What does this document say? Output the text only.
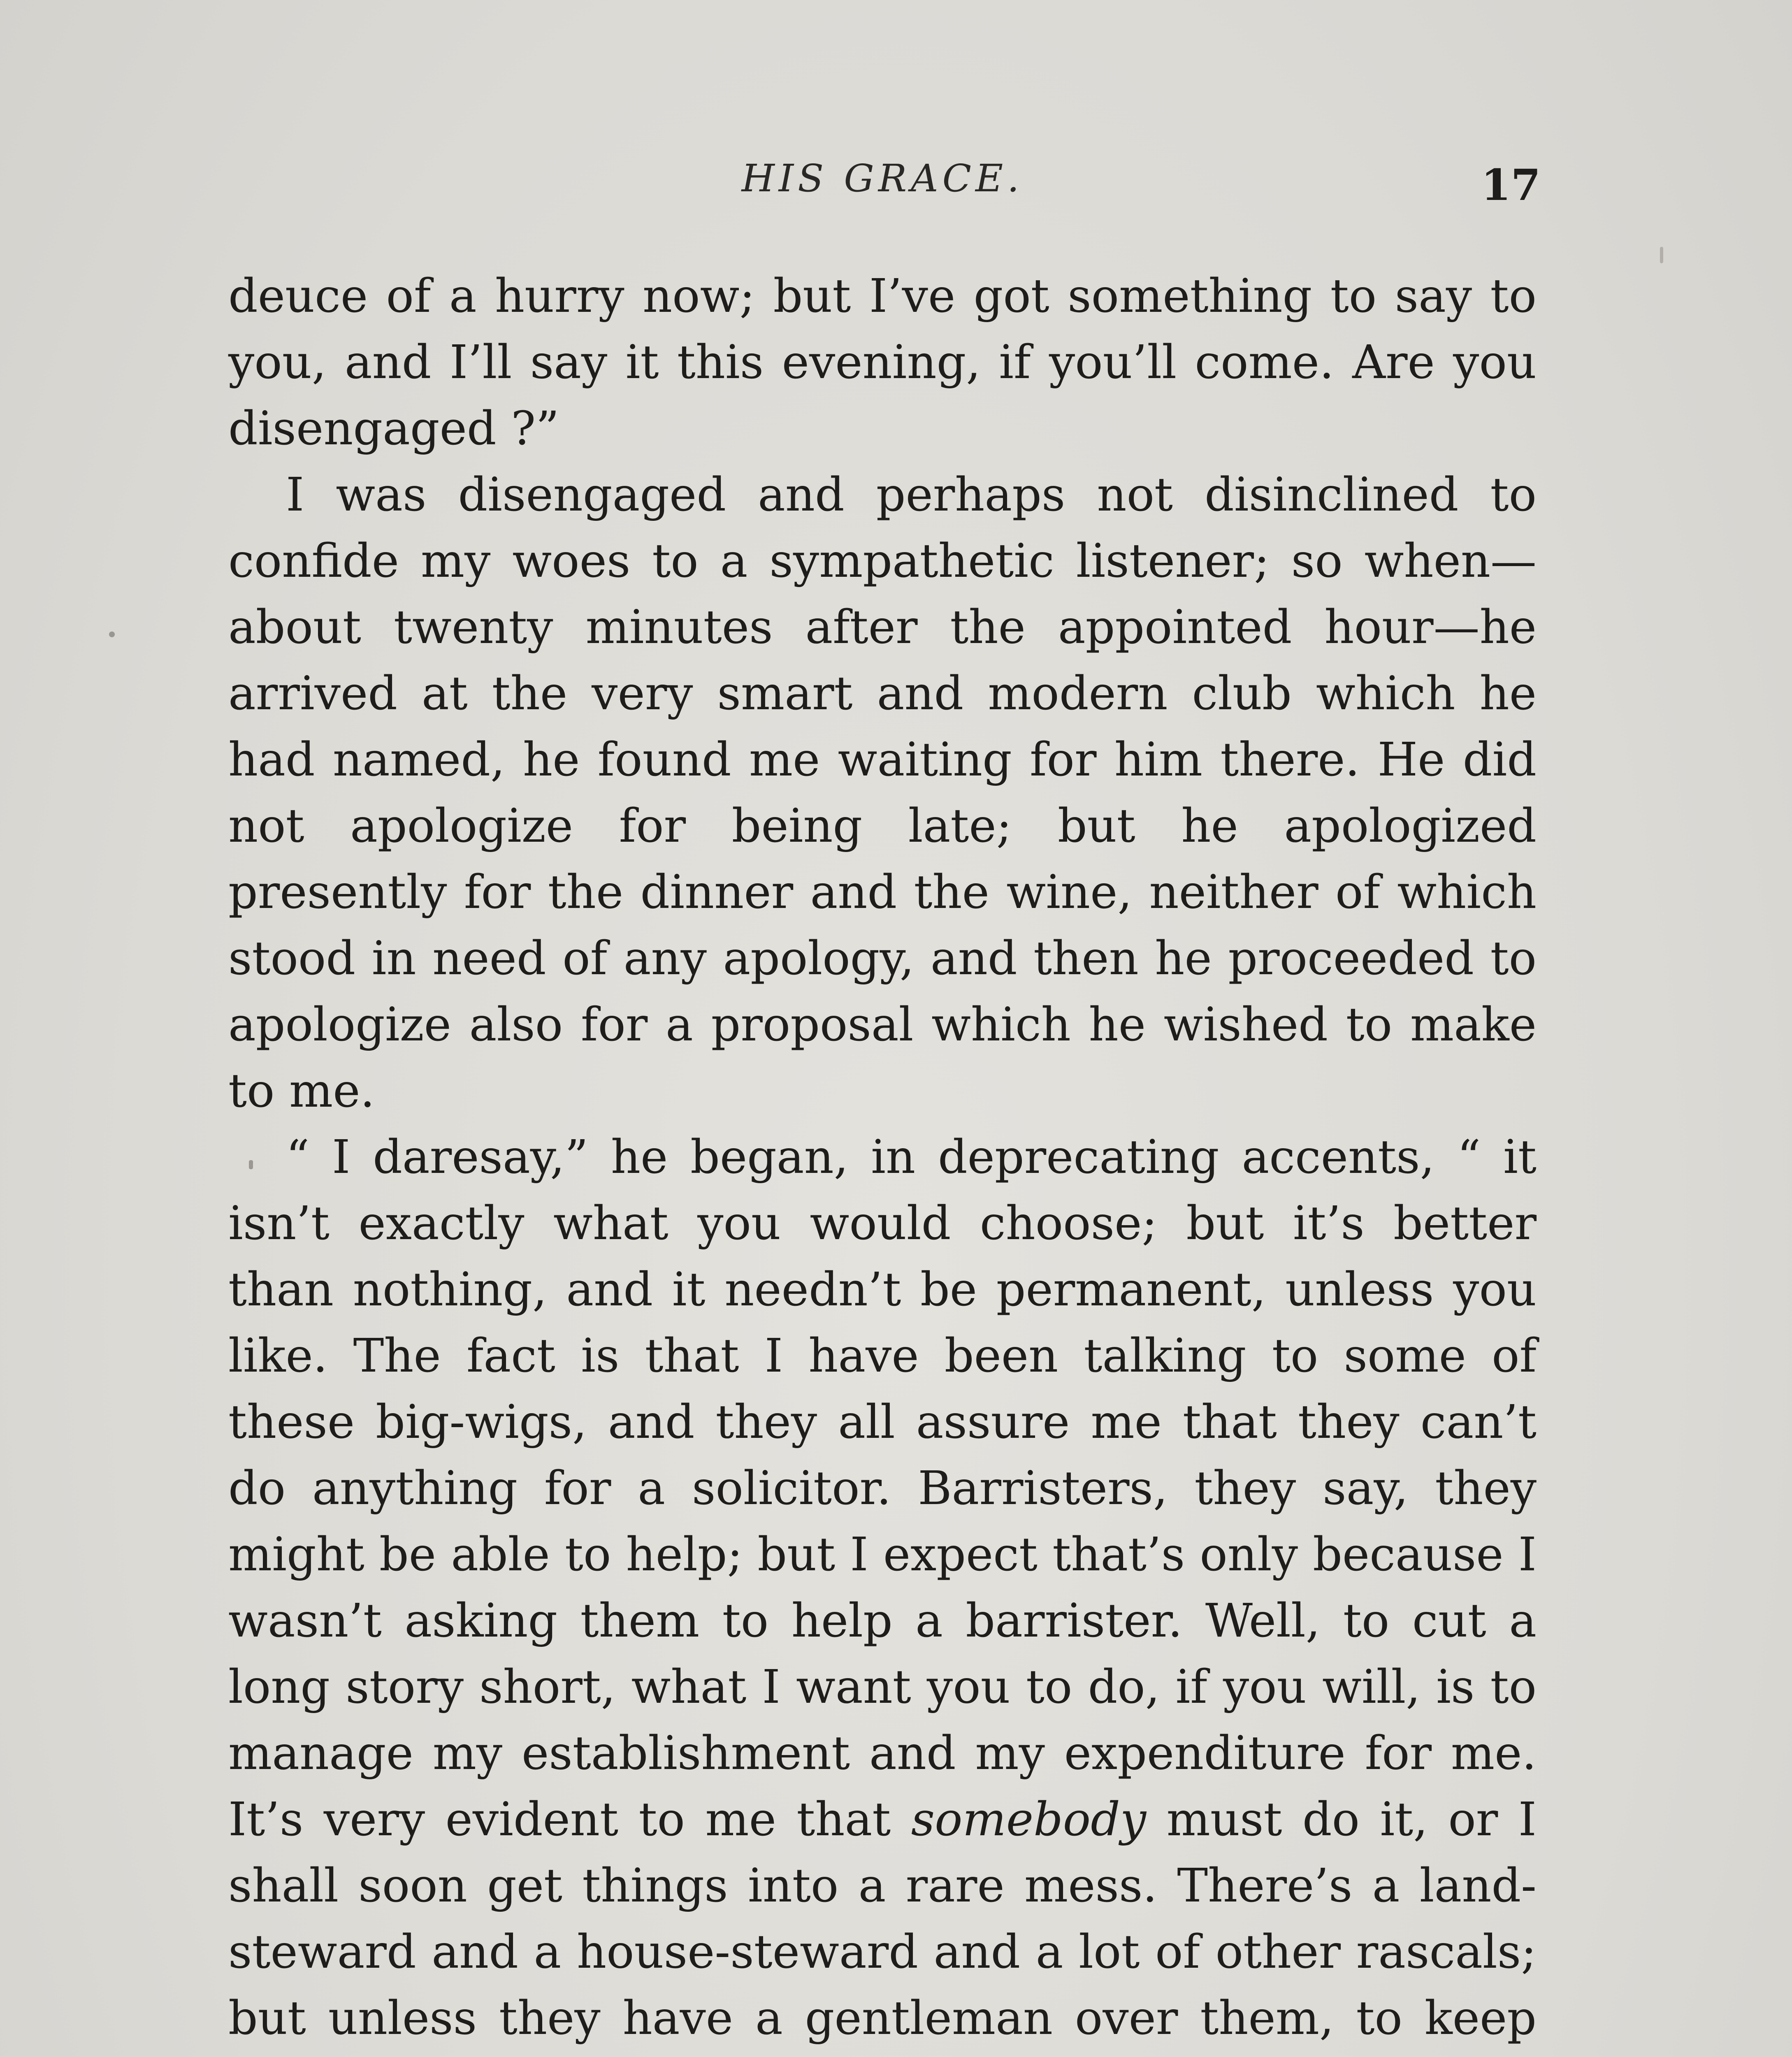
HIS GRACE.	17

deuce of a hurry now; but I’ve got something to say to you, and I’ll say it this evening, if you’ll come. Are you disengaged ?”

I was disengaged and perhaps not disinclined to confide my woes to a sympathetic listener; so when—about twenty minutes after the appointed hour—he arrived at the very smart and modern club which he had named, he found me waiting for him there. He did not apologize for being late; but he apologized presently for the dinner and the wine, neither of which stood in need of any apology, and then he proceeded to apologize also for a proposal which he wished to make to me.

“ I daresay,” he began, in deprecating accents, “ it isn’t exactly what you would choose; but it’s better than nothing, and it needn’t be permanent, unless you like. The fact is that I have been talking to some of these big-wigs, and they all assure me that they can’t do anything for a solicitor. Barristers, they say, they might be able to help; but I expect that’s only because I wasn’t asking them to help a barrister. Well, to cut a long story short, what I want you to do, if you will, is to manage my establishment and my expenditure for me. It’s very evident to me that somebody must do it, or I shall soon get things into a rare mess. There’s a land-steward and a house-steward and a lot of other rascals; but unless they have a gentleman over them, to keep
